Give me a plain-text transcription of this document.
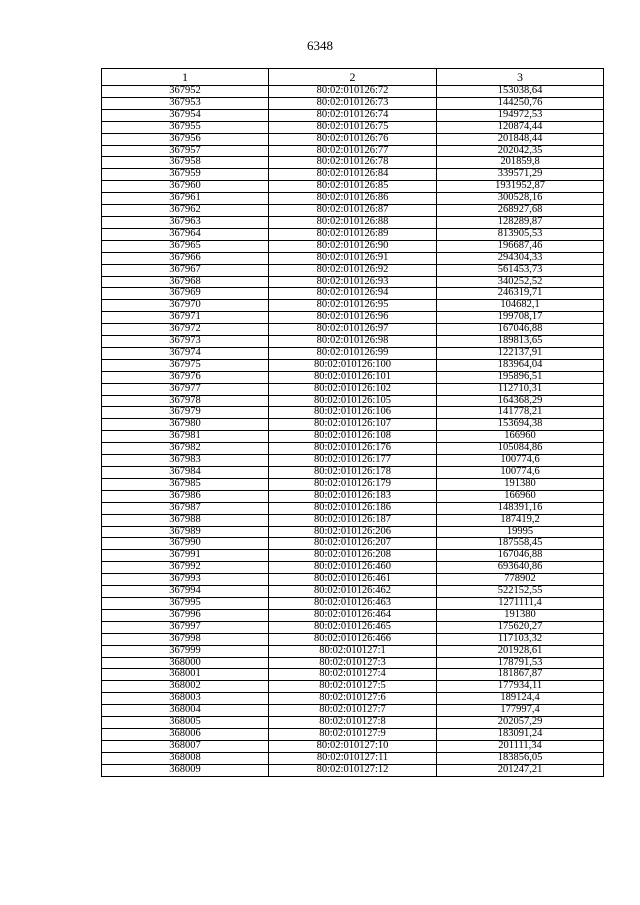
6348
1	2	3
367952	80:02:010126:72	153038,64
367953	80:02:010126:73	144250,76
367954	80:02:010126:74	194972,53
367955	80:02:010126:75	120874,44
367956	80:02:010126:76	201848,44
367957	80:02:010126:77	202042,35
367958	80:02:010126:78	201859,8
367959	80:02:010126:84	339571,29
367960	80:02:010126:85	1931952,87
367961	80:02:010126:86	300528,16
367962	80:02:010126:87	268927,68
367963	80:02:010126:88	128289,87
367964	80:02:010126:89	813905,53
367965	80:02:010126:90	196687,46
367966	80:02:010126:91	294304,33
367967	80:02:010126:92	561453,73
367968	80:02:010126:93	340252,52
367969	80:02:010126:94	246319,71
367970	80:02:010126:95	104682,1
367971	80:02:010126:96	199708,17
367972	80:02:010126:97	167046,88
367973	80:02:010126:98	189813,65
367974	80:02:010126:99	122137,91
367975	80:02:010126:100	183964,04
367976	80:02:010126:101	195896,51
367977	80:02:010126:102	112710,31
367978	80:02:010126:105	164368,29
367979	80:02:010126:106	141778,21
367980	80:02:010126:107	153694,38
367981	80:02:010126:108	166960
367982	80:02:010126:176	105084,86
367983	80:02:010126:177	100774,6
367984	80:02:010126:178	100774,6
367985	80:02:010126:179	191380
367986	80:02:010126:183	166960
367987	80:02:010126:186	148391,16
367988	80:02:010126:187	187419,2
367989	80:02:010126:206	19995
367990	80:02:010126:207	187558,45
367991	80:02:010126:208	167046,88
367992	80:02:010126:460	693640,86
367993	80:02:010126:461	778902
367994	80:02:010126:462	522152,55
367995	80:02:010126:463	1271111,4
367996	80:02:010126:464	191380
367997	80:02:010126:465	175620,27
367998	80:02:010126:466	117103,32
367999	80:02:010127:1	201928,61
368000	80:02:010127:3	178791,53
368001	80:02:010127:4	181867,87
368002	80:02:010127:5	177934,11
368003	80:02:010127:6	189124,4
368004	80:02:010127:7	177997,4
368005	80:02:010127:8	202057,29
368006	80:02:010127:9	183091,24
368007	80:02:010127:10	201111,34
368008	80:02:010127:11	183856,05
368009	80:02:010127:12	201247,21
